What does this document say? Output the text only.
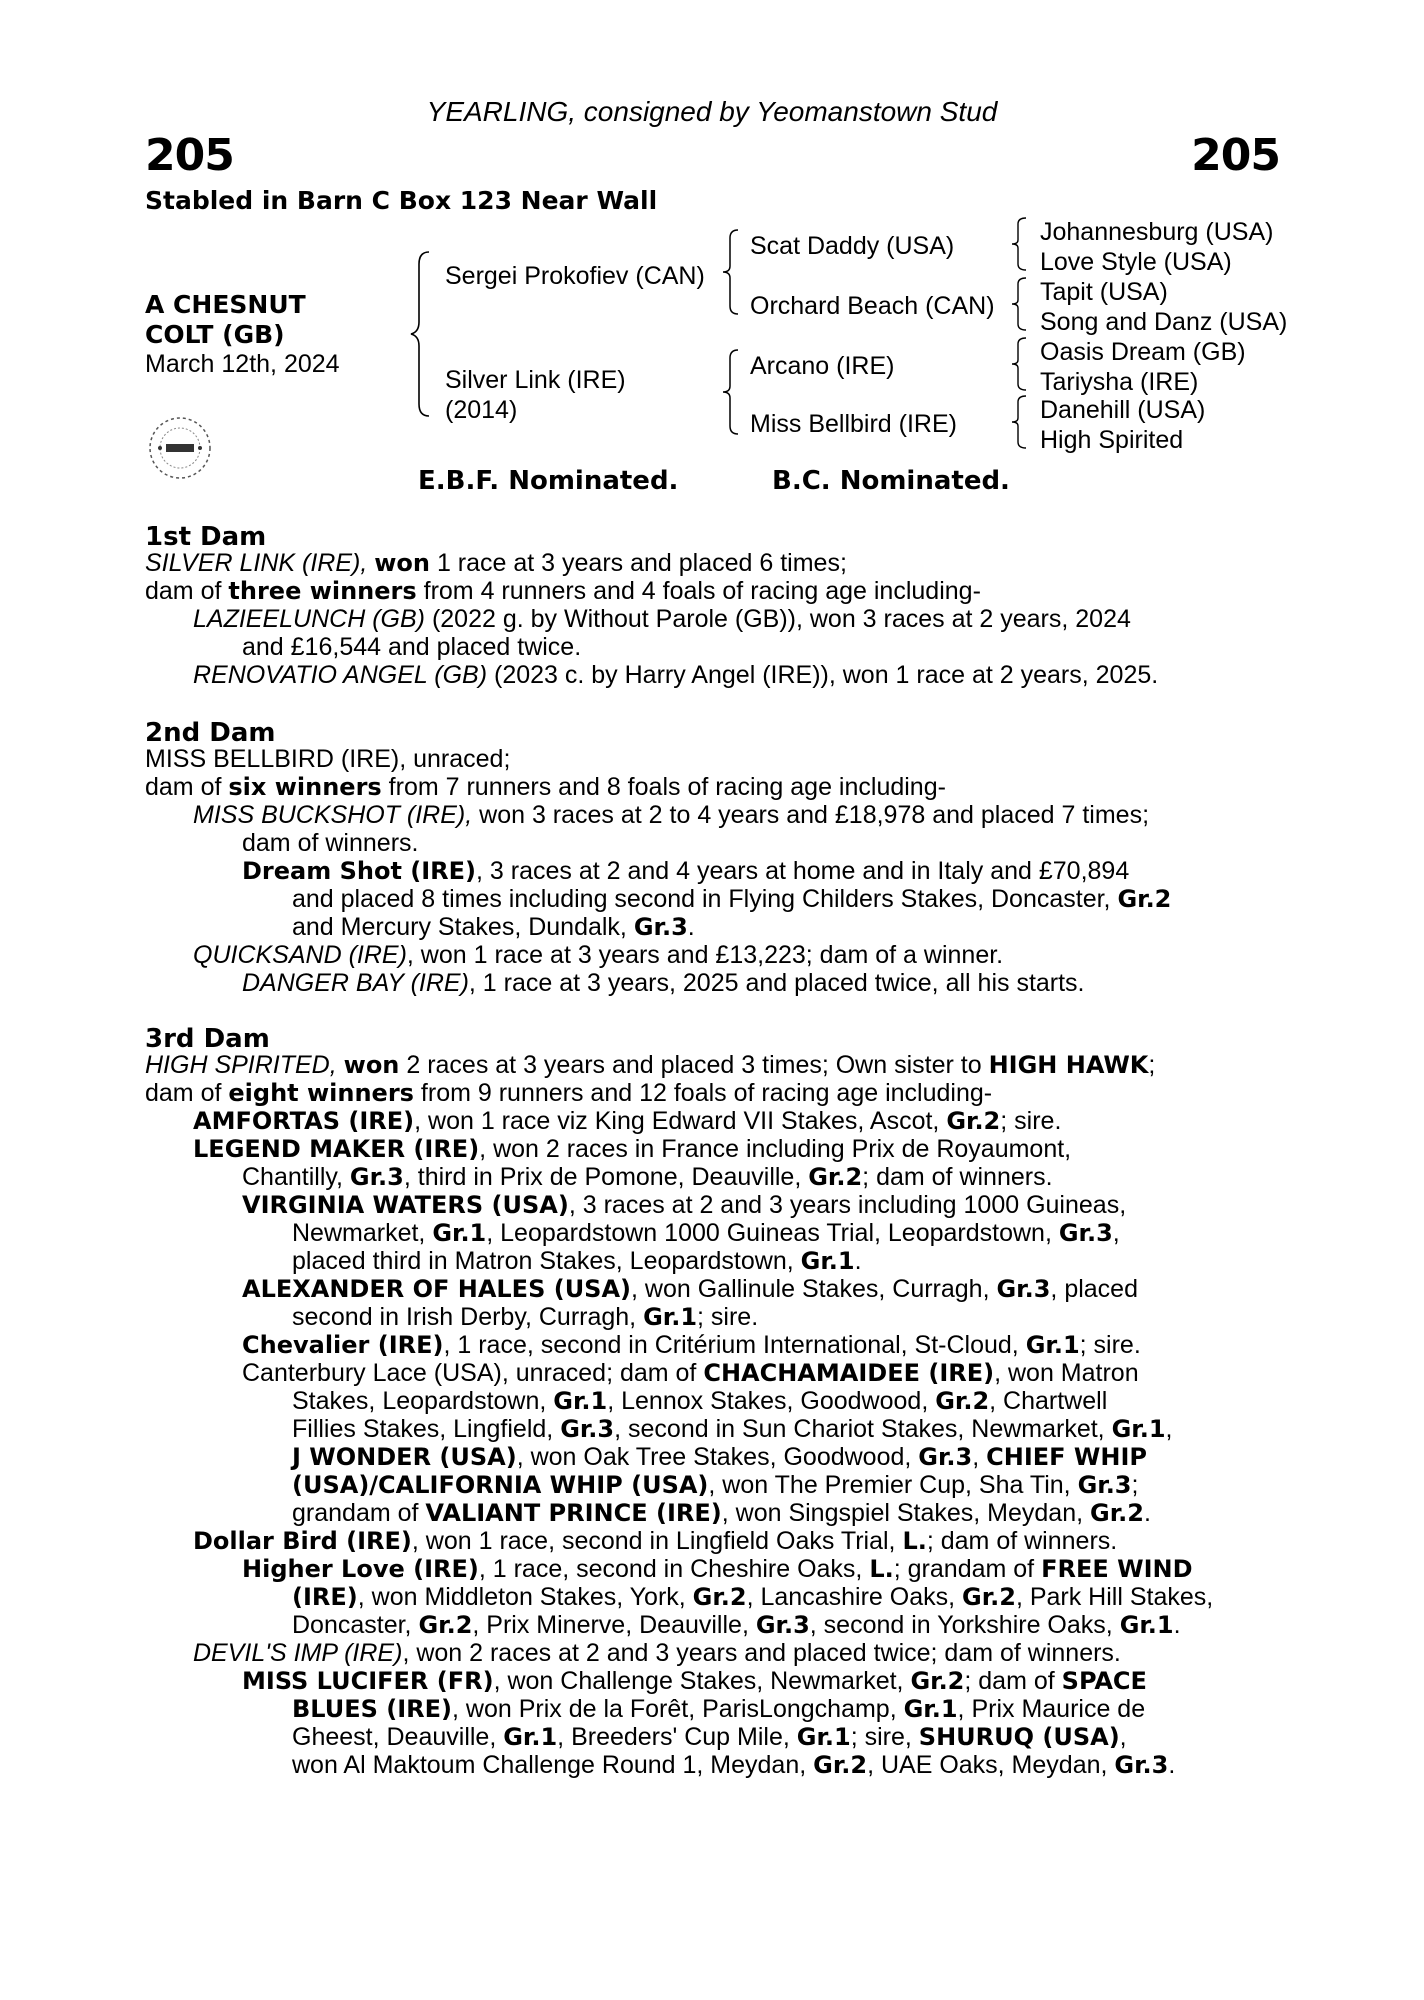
YEARLING, consigned by Yeomanstown Stud
205	205
Stabled in Barn C Box 123 Near Wall
A CHESNUT
COLT (GB)
March 12th, 2024
Sergei Prokofiev (CAN)
Silver Link (IRE)
(2014)
Scat Daddy (USA)
Orchard Beach (CAN)
Arcano (IRE)
Miss Bellbird (IRE)
Johannesburg (USA)
Love Style (USA)
Tapit (USA)
Song and Danz (USA)
Oasis Dream (GB)
Tariysha (IRE)
Danehill (USA)
High Spirited
E.B.F. Nominated.	B.C. Nominated.
1st Dam
SILVER LINK (IRE), won 1 race at 3 years and placed 6 times;
dam of three winners from 4 runners and 4 foals of racing age including-
LAZIEELUNCH (GB) (2022 g. by Without Parole (GB)), won 3 races at 2 years, 2024
and £16,544 and placed twice.
RENOVATIO ANGEL (GB) (2023 c. by Harry Angel (IRE)), won 1 race at 2 years, 2025.
2nd Dam
MISS BELLBIRD (IRE), unraced;
dam of six winners from 7 runners and 8 foals of racing age including-
MISS BUCKSHOT (IRE), won 3 races at 2 to 4 years and £18,978 and placed 7 times;
dam of winners.
Dream Shot (IRE), 3 races at 2 and 4 years at home and in Italy and £70,894
and placed 8 times including second in Flying Childers Stakes, Doncaster, Gr.2
and Mercury Stakes, Dundalk, Gr.3.
QUICKSAND (IRE), won 1 race at 3 years and £13,223; dam of a winner.
DANGER BAY (IRE), 1 race at 3 years, 2025 and placed twice, all his starts.
3rd Dam
HIGH SPIRITED, won 2 races at 3 years and placed 3 times; Own sister to HIGH HAWK;
dam of eight winners from 9 runners and 12 foals of racing age including-
AMFORTAS (IRE), won 1 race viz King Edward VII Stakes, Ascot, Gr.2; sire.
LEGEND MAKER (IRE), won 2 races in France including Prix de Royaumont,
Chantilly, Gr.3, third in Prix de Pomone, Deauville, Gr.2; dam of winners.
VIRGINIA WATERS (USA), 3 races at 2 and 3 years including 1000 Guineas,
Newmarket, Gr.1, Leopardstown 1000 Guineas Trial, Leopardstown, Gr.3,
placed third in Matron Stakes, Leopardstown, Gr.1.
ALEXANDER OF HALES (USA), won Gallinule Stakes, Curragh, Gr.3, placed
second in Irish Derby, Curragh, Gr.1; sire.
Chevalier (IRE), 1 race, second in Critérium International, St-Cloud, Gr.1; sire.
Canterbury Lace (USA), unraced; dam of CHACHAMAIDEE (IRE), won Matron
Stakes, Leopardstown, Gr.1, Lennox Stakes, Goodwood, Gr.2, Chartwell
Fillies Stakes, Lingfield, Gr.3, second in Sun Chariot Stakes, Newmarket, Gr.1,
J WONDER (USA), won Oak Tree Stakes, Goodwood, Gr.3, CHIEF WHIP
(USA)/CALIFORNIA WHIP (USA), won The Premier Cup, Sha Tin, Gr.3;
grandam of VALIANT PRINCE (IRE), won Singspiel Stakes, Meydan, Gr.2.
Dollar Bird (IRE), won 1 race, second in Lingfield Oaks Trial, L.; dam of winners.
Higher Love (IRE), 1 race, second in Cheshire Oaks, L.; grandam of FREE WIND
(IRE), won Middleton Stakes, York, Gr.2, Lancashire Oaks, Gr.2, Park Hill Stakes,
Doncaster, Gr.2, Prix Minerve, Deauville, Gr.3, second in Yorkshire Oaks, Gr.1.
DEVIL'S IMP (IRE), won 2 races at 2 and 3 years and placed twice; dam of winners.
MISS LUCIFER (FR), won Challenge Stakes, Newmarket, Gr.2; dam of SPACE
BLUES (IRE), won Prix de la Forêt, ParisLongchamp, Gr.1, Prix Maurice de
Gheest, Deauville, Gr.1, Breeders' Cup Mile, Gr.1; sire, SHURUQ (USA),
won Al Maktoum Challenge Round 1, Meydan, Gr.2, UAE Oaks, Meydan, Gr.3.
